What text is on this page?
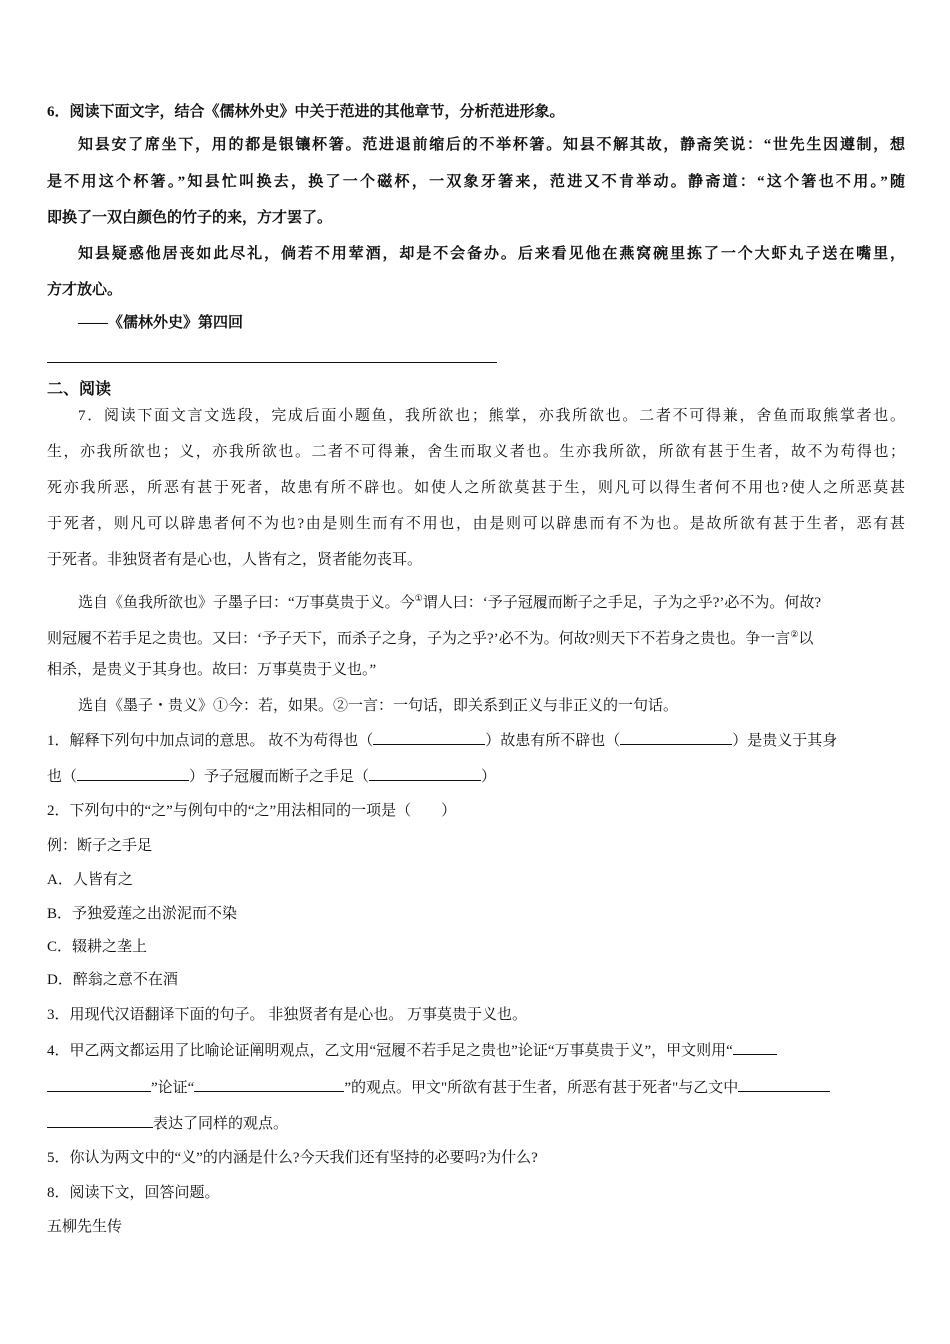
6．阅读下面文字，结合《儒林外史》中关于范进的其他章节，分析范进形象。
知县安了席坐下，用的都是银镶杯箸。范进退前缩后的不举杯箸。知县不解其故，静斋笑说：“世先生因遵制，想
是不用这个杯箸。”知县忙叫换去，换了一个磁杯，一双象牙箸来，范进又不肯举动。静斋道：“这个箸也不用。”随
即换了一双白颜色的竹子的来，方才罢了。
知县疑惑他居丧如此尽礼，倘若不用荤酒，却是不会备办。后来看见他在燕窝碗里拣了一个大虾丸子送在嘴里，
方才放心。
——《儒林外史》第四回
二、阅读
7．阅读下面文言文选段，完成后面小题鱼，我所欲也；熊掌，亦我所欲也。二者不可得兼，舍鱼而取熊掌者也。
生，亦我所欲也；义，亦我所欲也。二者不可得兼，舍生而取义者也。生亦我所欲，所欲有甚于生者，故不为苟得也；
死亦我所恶，所恶有甚于死者，故患有所不辟也。如使人之所欲莫甚于生，则凡可以得生者何不用也?使人之所恶莫甚
于死者，则凡可以辟患者何不为也?由是则生而有不用也，由是则可以辟患而有不为也。是故所欲有甚于生者，恶有甚
于死者。非独贤者有是心也，人皆有之，贤者能勿丧耳。
选自《鱼我所欲也》子墨子曰：“万事莫贵于义。今①谓人曰：‘予子冠履而断子之手足，子为之乎?’必不为。何故?
则冠履不若手足之贵也。又曰：‘予子天下，而杀子之身，子为之乎?’必不为。何故?则天下不若身之贵也。争一言②以
相杀，是贵义于其身也。故曰：万事莫贵于义也。”
选自《墨子・贵义》①今：若，如果。②一言：一句话，即关系到正义与非正义的一句话。
1．解释下列句中加点词的意思。 故不为苟得也（	）故患有所不辟也（	）是贵义于其身
也（	）予子冠履而断子之手足（	）
2．下列句中的“之”与例句中的“之”用法相同的一项是（　　）
例：断子之手足
A．人皆有之
B．予独爱莲之出淤泥而不染
C．辍耕之垄上
D．醉翁之意不在酒
3．用现代汉语翻译下面的句子。 非独贤者有是心也。 万事莫贵于义也。
4．甲乙两文都运用了比喻论证阐明观点，乙文用“冠履不若手足之贵也”论证“万事莫贵于义”，甲文则用“
”论证“	”的观点。甲文"所欲有甚于生者，所恶有甚于死者"与乙文中
表达了同样的观点。
5．你认为两文中的“义”的内涵是什么?今天我们还有坚持的必要吗?为什么?
8．阅读下文，回答问题。
五柳先生传
